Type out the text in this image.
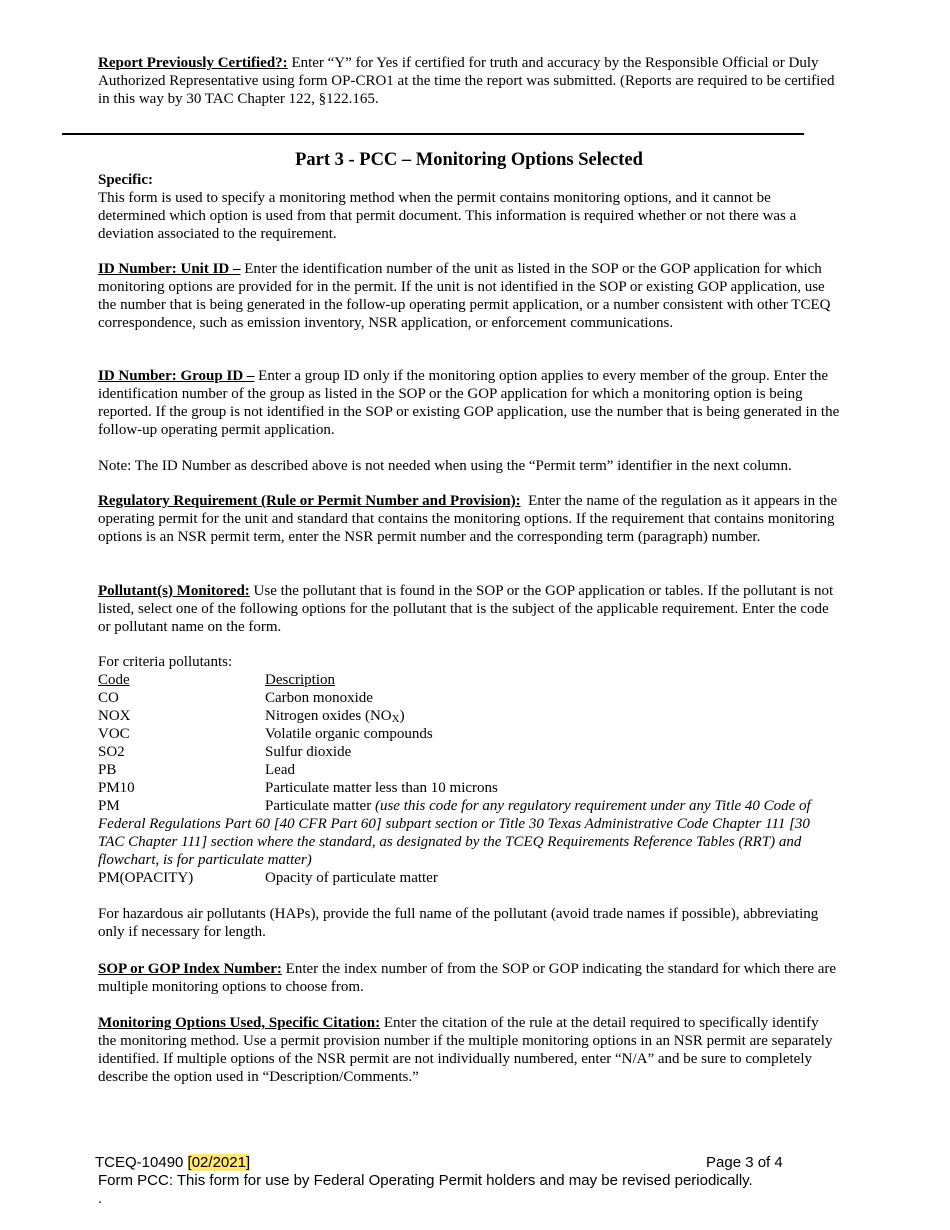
Report Previously Certified?: Enter “Y” for Yes if certified for truth and accuracy by the Responsible Official or Duly Authorized Representative using form OP-CRO1 at the time the report was submitted. (Reports are required to be certified in this way by 30 TAC Chapter 122, §122.165.
Part 3 - PCC – Monitoring Options Selected
Specific:
This form is used to specify a monitoring method when the permit contains monitoring options, and it cannot be determined which option is used from that permit document. This information is required whether or not there was a deviation associated to the requirement.
ID Number: Unit ID – Enter the identification number of the unit as listed in the SOP or the GOP application for which monitoring options are provided for in the permit. If the unit is not identified in the SOP or existing GOP application, use the number that is being generated in the follow-up operating permit application, or a number consistent with other TCEQ correspondence, such as emission inventory, NSR application, or enforcement communications.
ID Number: Group ID – Enter a group ID only if the monitoring option applies to every member of the group. Enter the identification number of the group as listed in the SOP or the GOP application for which a monitoring option is being reported. If the group is not identified in the SOP or existing GOP application, use the number that is being generated in the follow-up operating permit application.
Note: The ID Number as described above is not needed when using the “Permit term” identifier in the next column.
Regulatory Requirement (Rule or Permit Number and Provision):  Enter the name of the regulation as it appears in the operating permit for the unit and standard that contains the monitoring options. If the requirement that contains monitoring options is an NSR permit term, enter the NSR permit number and the corresponding term (paragraph) number.
Pollutant(s) Monitored: Use the pollutant that is found in the SOP or the GOP application or tables. If the pollutant is not listed, select one of the following options for the pollutant that is the subject of the applicable requirement. Enter the code or pollutant name on the form.
For criteria pollutants:
Code	Description
CO	Carbon monoxide
NOX	Nitrogen oxides $(NO_X)$
VOC	Volatile organic compounds
SO2	Sulfur dioxide
PB	Lead
PM10	Particulate matter less than 10 microns
PM	Particulate matter (use this code for any regulatory requirement under any Title 40 Code of Federal Regulations Part 60 [40 CFR Part 60] subpart section or Title 30 Texas Administrative Code Chapter 111 [30 TAC Chapter 111] section where the standard, as designated by the TCEQ Requirements Reference Tables (RRT) and flowchart, is for particulate matter)
PM(OPACITY)	Opacity of particulate matter
For hazardous air pollutants (HAPs), provide the full name of the pollutant (avoid trade names if possible), abbreviating only if necessary for length.
SOP or GOP Index Number: Enter the index number of from the SOP or GOP indicating the standard for which there are multiple monitoring options to choose from.
Monitoring Options Used, Specific Citation: Enter the citation of the rule at the detail required to specifically identify the monitoring method. Use a permit provision number if the multiple monitoring options in an NSR permit are separately identified. If multiple options of the NSR permit are not individually numbered, enter “N/A” and be sure to completely describe the option used in “Description/Comments.”
TCEQ-10490 [02/2021]	Page 3 of 4
Form PCC: This form for use by Federal Operating Permit holders and may be revised periodically.
.
